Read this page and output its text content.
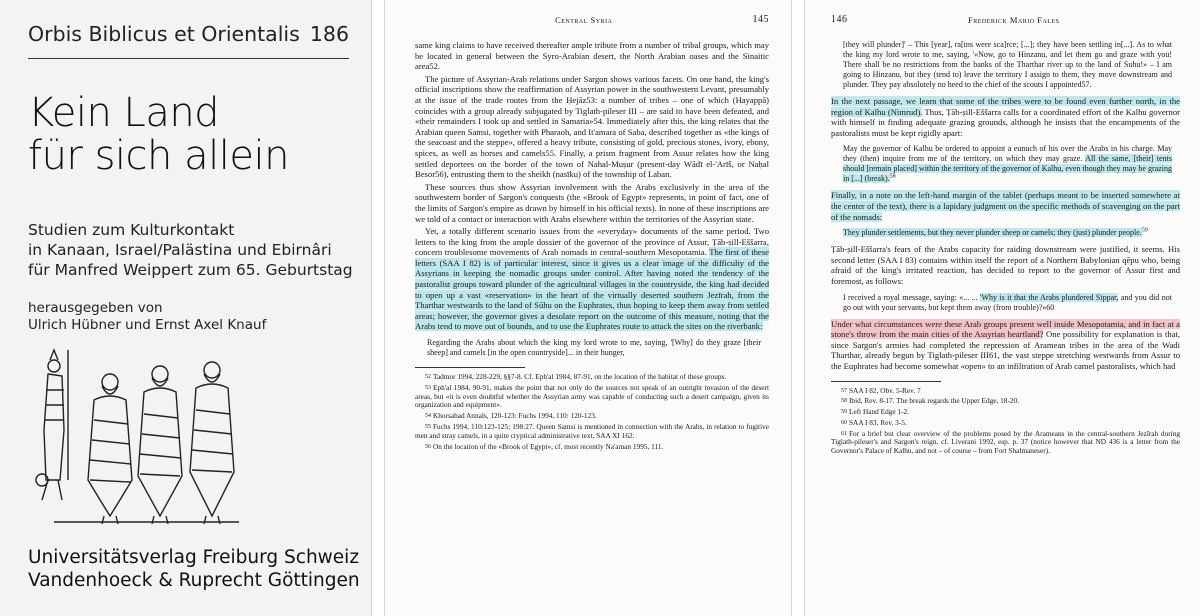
Orbis Biblicus et Orientalis 186
Kein Land
für sich allein
Studien zum Kulturkontakt
in Kanaan, Israel/Palästina und Ebirnâri
für Manfred Weippert zum 65. Geburtstag
herausgegeben von
Ulrich Hübner und Ernst Axel Knauf
Universitätsverlag Freiburg Schweiz
Vandenhoeck & Ruprecht Göttingen
Central Syria	145

same king claims to have received thereafter ample tribute from a number of tribal groups, which may be located in general between the Syro-Arabian desert, the North Arabian oases and the Sinaitic area52.

The picture of Assyrian-Arab relations under Sargon shows various facets. On one hand, the king's official inscriptions show the reaffirmation of Assyrian power in the southwestern Levant, presumably at the issue of the trade routes from the Ḥejāz53: a number of tribes – one of which (Hayappā) coincides with a group already subjugated by Tiglath-pileser III – are said to have been defeated, and «their remainders I took up and settled in Samaria»54. Immediately after this, the king relates that the Arabian queen Samsi, together with Pharaoh, and It'amara of Saba, described together as «the kings of the seacoast and the steppe», offered a heavy tribute, consisting of gold, precious stones, ivory, ebony, spices, as well as horses and camels55. Finally, a prism fragment from Assur relates how the king settled deportees on the border of the town of Nahal-Muṣur (present-day Wādī el-'Arīš, or Naḥal Besor56), entrusting them to the sheikh (nasīku) of the township of Laban.

These sources thus show Assyrian involvement with the Arabs exclusively in the area of the southwestern border of Sargon's conquests (the «Brook of Egypt» represents, in point of fact, one of the limits of Sargon's empire as drawn by himself in his official texts). In none of these inscriptions are we told of a contact or interaction with Arabs elsewhere within the territories of the Assyrian state.

Yet, a totally different scenario issues from the «everyday» documents of the same period. Two letters to the king from the ample dossier of the governor of the province of Assur, Ṭāb-ṣill-Eššarra, concern troublesome movements of Arab nomads in central-southern Mesopotamia. The first of these letters (SAA I 82) is of particular interest, since it gives us a clear image of the difficulty of the Assyrians in keeping the nomadic groups under control. After having noted the tendency of the pastoralist groups toward plunder of the agricultural villages in the countryside, the king had decided to open up a vast «reservation» in the heart of the virtually deserted southern Jezīrah, from the Tharthar westwards to the land of Sūhu on the Euphrates, thus hoping to keep them away from settled areas; however, the governor gives a desolate report on the outcome of this measure, noting that the Arabs tend to move out of bounds, and to use the Euphrates route to attack the sites on the riverbank:

Regarding the Arabs about which the king my lord wrote to me, saying, '[Why] do they graze [their sheep] and camels [in the open countryside]... in their hunger,

$^{52}$ Tadmor 1994, 228-229, §§7-8. Cf. Eph'al 1984, 87-91, on the location of the habitat of these groups.

$^{53}$ Eph'al 1984, 90-91, makes the point that not only do the sources not speak of an outright invasion of the desert areas, but «it is even doubtful whether the Assyrian army was capable of conducting such a desert campaign, given its organization and equipment».

$^{54}$ Khorsabad Annals, 120-123: Fuchs 1994, 110: 120-123.

$^{55}$ Fuchs 1994, 110:123-125; 198:27. Queen Samsi is mentioned in connection with the Arabs, in relation to fugitive men and stray camels, in a quite cryptical administrative text, SAA XI 162.

$^{56}$ On the location of the «Brook of Egypt», cf. most recently Na'aman 1995, 111.

146	Frederick Mario Fales

[they will plunder]' – This [year], ra[ins were sca]rce; [...]; they have been settling in[...]. As to what the king my lord wrote to me, saying, '«Now, go to Hinzanu, and let them go and graze with you! There shall be no restrictions from the banks of the Tharthar river up to the land of Suhu!» – I am going to Hinzanu, but they (tend to) leave the territory I assign to them, they move downstream and plunder. They pay absolutely no heed to the chief of the scouts I appointed57.

In the next passage, we learn that some of the tribes were to be found even further north, in the region of Kalhu (Nimrud). Thus, Ṭāb-ṣill-Eššarra calls for a coordinated effort of the Kalhu governor with himself in finding adequate grazing grounds, although he insists that the encampments of the pastoralists must be kept rigidly apart:

May the governor of Kalhu be ordered to appoint a eunuch of his over the Arabs in his charge. May they (then) inquire from me of the territory, on which they may graze. All the same, [their] tents should [remain placed] within the territory of the governor of Kalhu, even though they may be grazing in [...] (break).$^{58}$

Finally, in a note on the left-hand margin of the tablet (perhaps meant to be inserted somewhere at the center of the text), there is a lapidary judgment on the specific methods of scavenging on the part of the nomads:

They plunder settlements, but they never plunder sheep or camels; they (just) plunder people.$^{59}$

Ṭāb-ṣill-Eššarra's fears of the Arabs capacity for raiding downstream were justified, it seems. His second letter (SAA I 83) contains within itself the report of a Northern Babylonian qēpu who, being afraid of the king's irritated reaction, has decided to report to the governor of Assur first and foremost, as follows:

I received a royal message, saying: «... ... 'Why is it that the Arabs plundered Sippar, and you did not go out with your servants, but kept them away (from trouble)?»60

Under what circumstances were these Arab groups present well inside Mesopotamia, and in fact at a stone's throw from the main cities of the Assyrian heartland? One possibility for explanation is that, since Sargon's armies had completed the repression of Aramean tribes in the area of the Wadi Tharthar, already begun by Tiglath-pileser III61, the vast steppe stretching westwards from Assur to the Euphrates had become somewhat «open» to an infiltration of Arab camel pastoralists, which had

$^{57}$ SAA I 82, Obv. 5-Rev. 7

$^{58}$ Ibid, Rev. 8-17. The break regards the Upper Edge, 18-20.

$^{59}$ Left Hand Edge 1-2.

$^{60}$ SAA I 83, Rev. 3-5.

$^{61}$ For a brief but clear overview of the problems posed by the Arameans in the central-southern Jezīrah during Tiglath-pileser's and Sargon's reign, cf. Liverani 1992, esp. p. 37 (notice however that ND 436 is a letter from the Governor's Palace of Kalhu, and not – of course – from Fort Shalmaneser).
